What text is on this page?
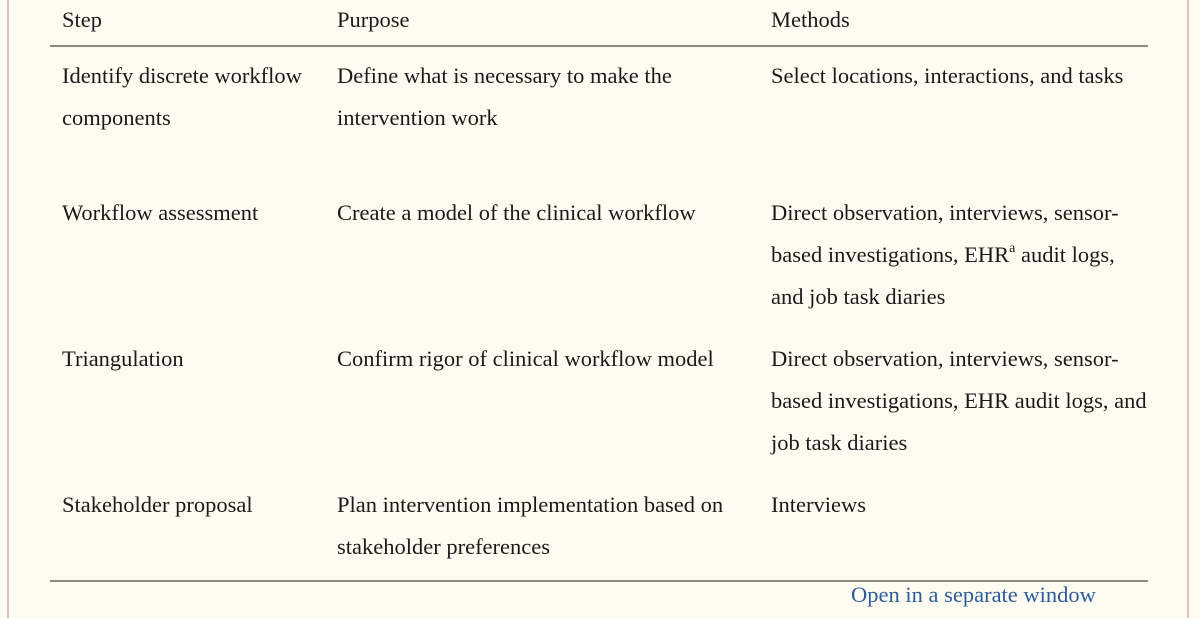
Step	Purpose	Methods
Identify discrete workflow components	Define what is necessary to make the intervention work	Select locations, interactions, and tasks
Workflow assessment	Create a model of the clinical workflow	Direct observation, interviews, sensor-based investigations, EHR$^a$ audit logs, and job task diaries
Triangulation	Confirm rigor of clinical workflow model	Direct observation, interviews, sensor-based investigations, EHR audit logs, and job task diaries
Stakeholder proposal	Plan intervention implementation based on stakeholder preferences	Interviews
Open in a separate window
